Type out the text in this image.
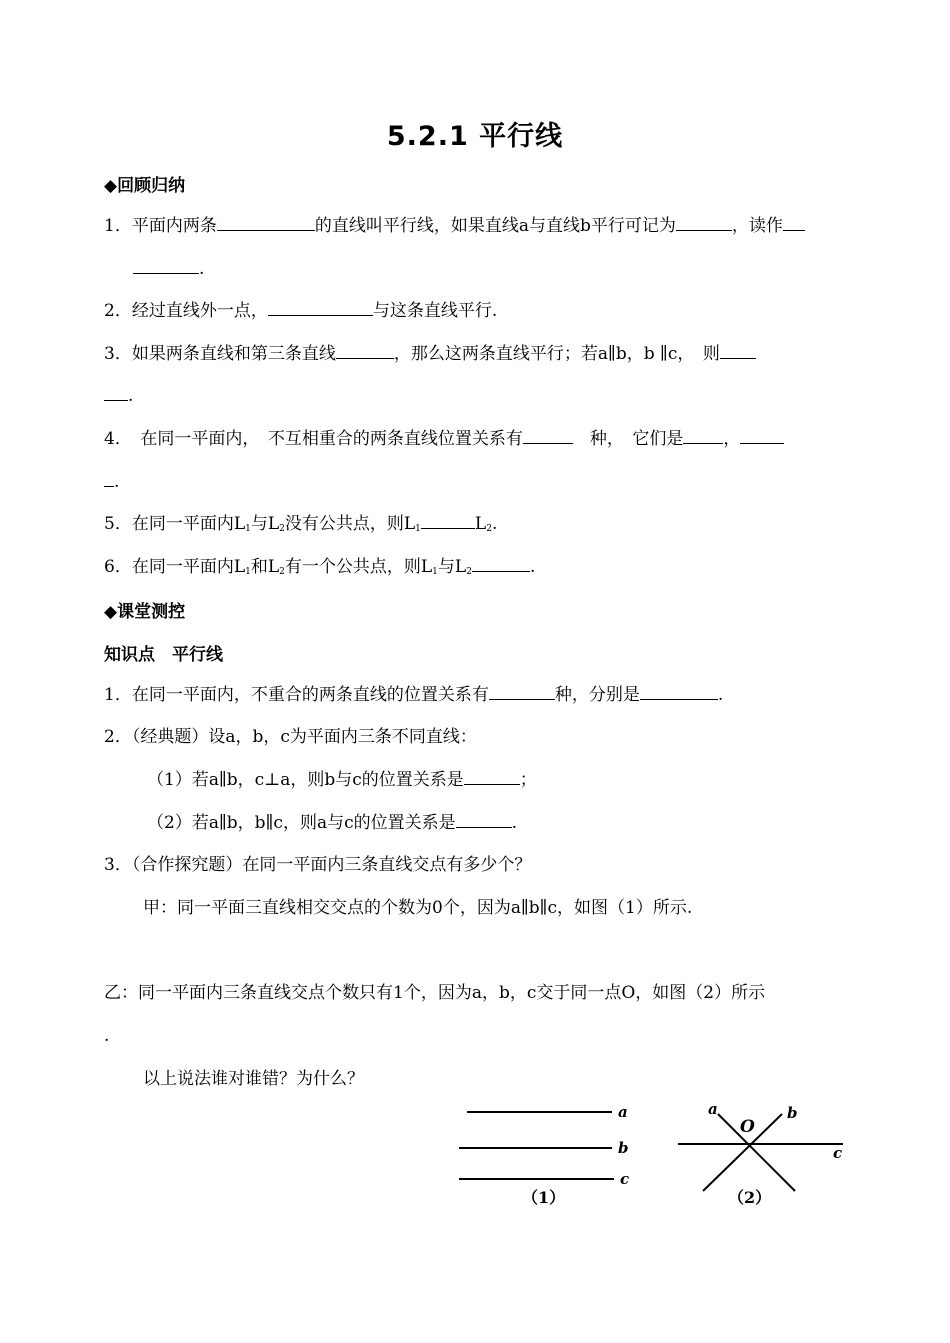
5.2.1 平行线
◆回顾归纳
1．平面内两条	的直线叫平行线，如果直线a与直线b平行可记为	，读作
.
2．经过直线外一点，	与这条直线平行.
3．如果两条直线和第三条直线	，那么这两条直线平行；若a∥b，b ∥c，　则
.
4．　在同一平面内，　不互相重合的两条直线位置关系有	　种，　它们是 ，
.
5．在同一平面内$L_1$与$L_2$没有公共点，则$L_1$	$L_2$.
6．在同一平面内$L_1$和$L_2$有一个公共点，则$L_1$与$L_2$	.
◆课堂测控
知识点　平行线
1．在同一平面内，不重合的两条直线的位置关系有	种，分别是	.
2．（经典题）设a，b，c为平面内三条不同直线：
（1）若a∥b，c⊥a，则b与c的位置关系是	；
（2）若a∥b，b∥c，则a与c的位置关系是	.
3．（合作探究题）在同一平面内三条直线交点有多少个？
甲：同一平面三直线相交交点的个数为0个，因为a∥b∥c，如图（1）所示.
乙：同一平面内三条直线交点个数只有1个，因为a，b，c交于同一点O，如图（2）所示
.
以上说法谁对谁错？为什么？
a
b
c
（1）
a
O
b
c
（2）
